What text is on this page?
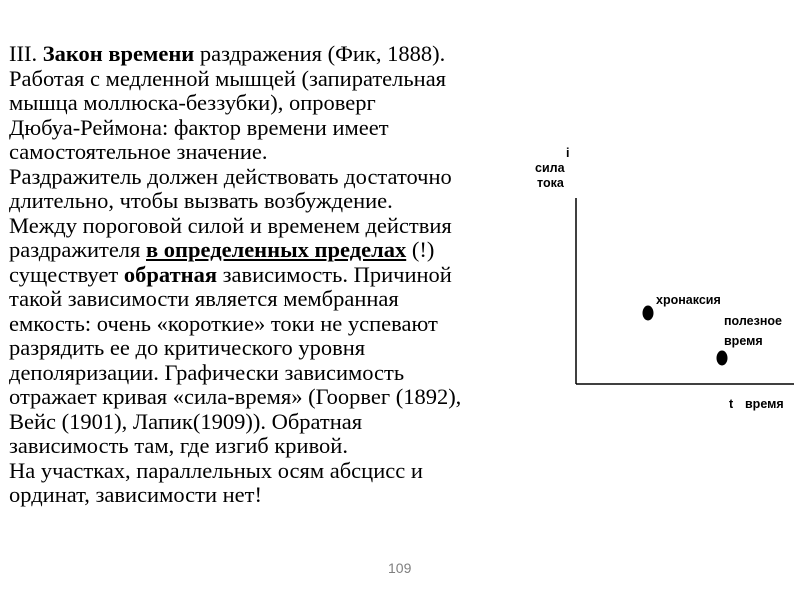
III. Закон времени раздражения (Фик, 1888).
Работая с медленной мышцей (запирательная
мышца моллюска-беззубки), опроверг
Дюбуа-Реймона: фактор времени имеет
самостоятельное значение.
Раздражитель должен действовать достаточно
длительно, чтобы вызвать возбуждение.
Между пороговой силой и временем действия
раздражителя в определенных пределах (!)
существует обратная зависимость. Причиной
такой зависимости является мембранная
емкость: очень «короткие» токи не успевают
разрядить ее до критического уровня
деполяризации. Графически зависимость
отражает кривая «сила-время» (Гоорвег (1892),
Вейс (1901), Лапик(1909)). Обратная
зависимость там, где изгиб кривой.
На участках, параллельных осям абсцисс и
ординат, зависимости нет!
109
i
сила
тока
хронаксия
полезное
время
t время
